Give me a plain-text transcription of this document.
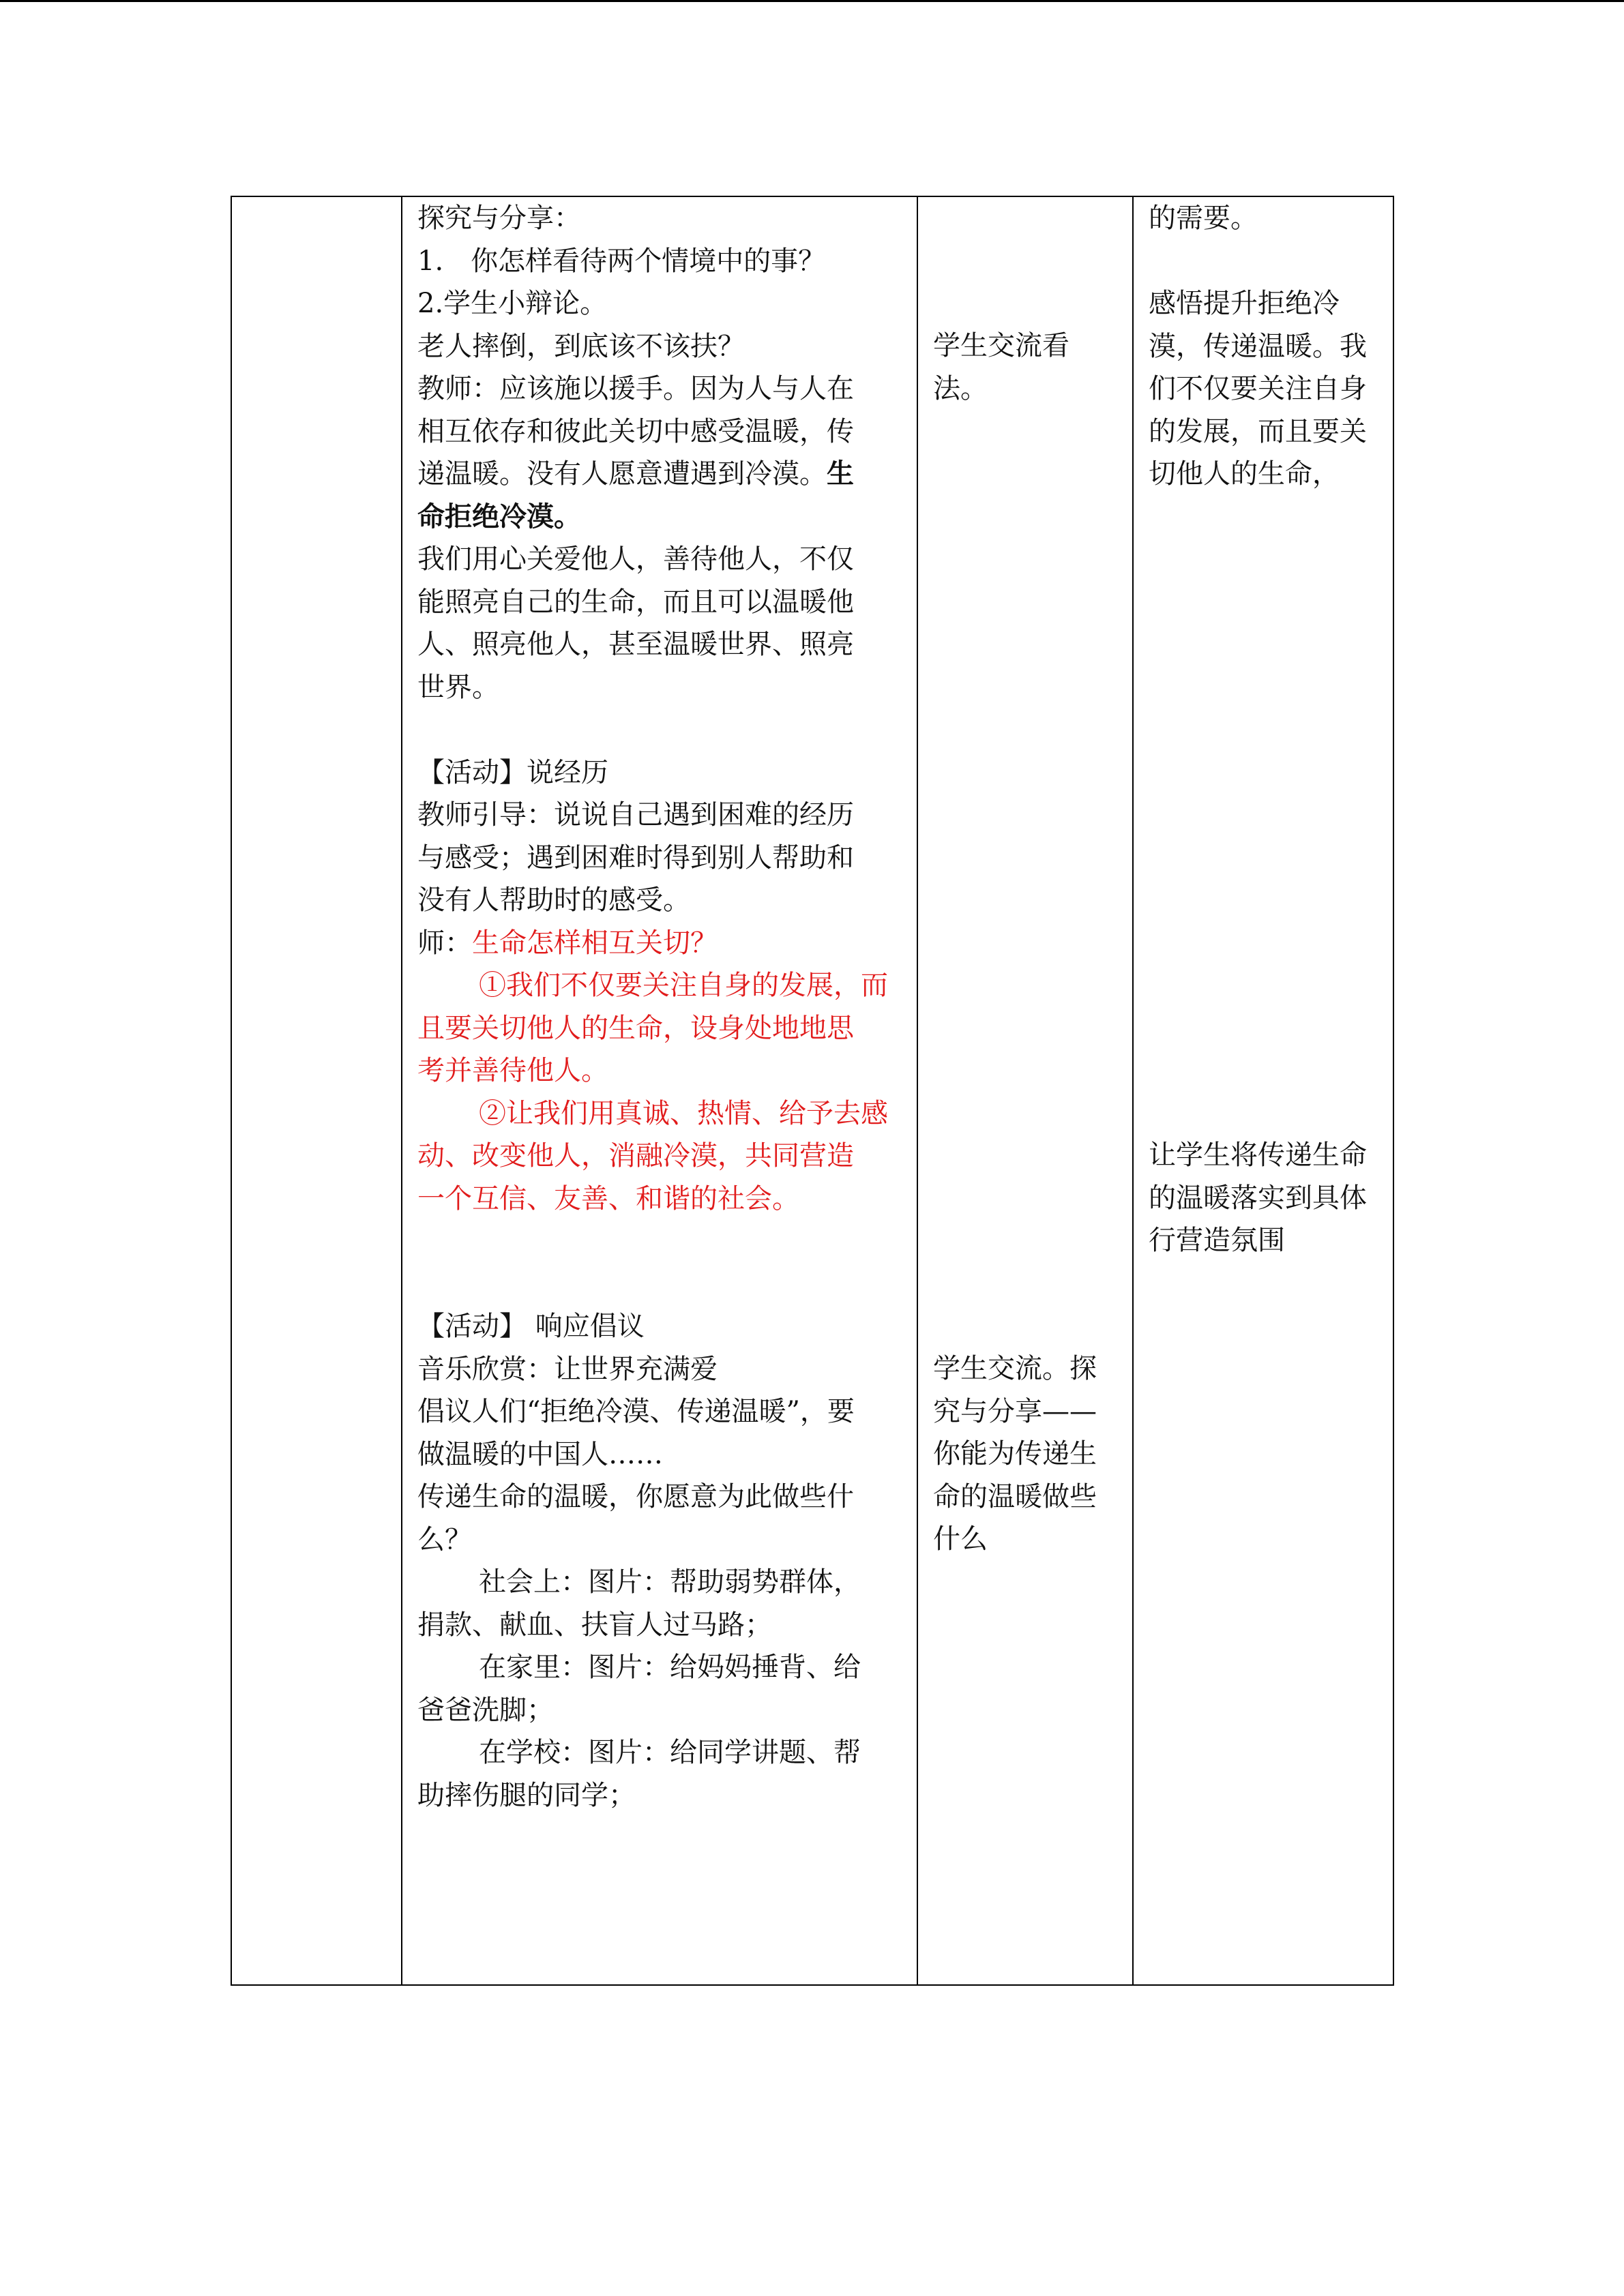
探究与分享：

1.　你怎样看待两个情境中的事？

2.学生小辩论。

老人摔倒，到底该不该扶？

教师：应该施以援手。因为人与人在

相互依存和彼此关切中感受温暖，传

递温暖。没有人愿意遭遇到冷漠。生

命拒绝冷漠。

我们用心关爱他人，善待他人，不仅

能照亮自己的生命，而且可以温暖他

人、照亮他人，甚至温暖世界、照亮

世界。

【活动】说经历

教师引导：说说自己遇到困难的经历

与感受；遇到困难时得到别人帮助和

没有人帮助时的感受。

师：生命怎样相互关切？

①我们不仅要关注自身的发展，而

且要关切他人的生命，设身处地地思

考并善待他人。

②让我们用真诚、热情、给予去感

动、改变他人，消融冷漠，共同营造

一个互信、友善、和谐的社会。

【活动】 响应倡议

音乐欣赏：让世界充满爱

倡议人们“拒绝冷漠、传递温暖”，要

做温暖的中国人……

传递生命的温暖，你愿意为此做些什

么？

社会上：图片：帮助弱势群体，

捐款、献血、扶盲人过马路；

在家里：图片：给妈妈捶背、给

爸爸洗脚；

在学校：图片：给同学讲题、帮

助摔伤腿的同学；

学生交流看

法。

学生交流。探

究与分享——

你能为传递生

命的温暖做些

什么

的需要。

感悟提升拒绝冷

漠，传递温暖。我

们不仅要关注自身

的发展，而且要关

切他人的生命，

让学生将传递生命

的温暖落实到具体

行营造氛围
